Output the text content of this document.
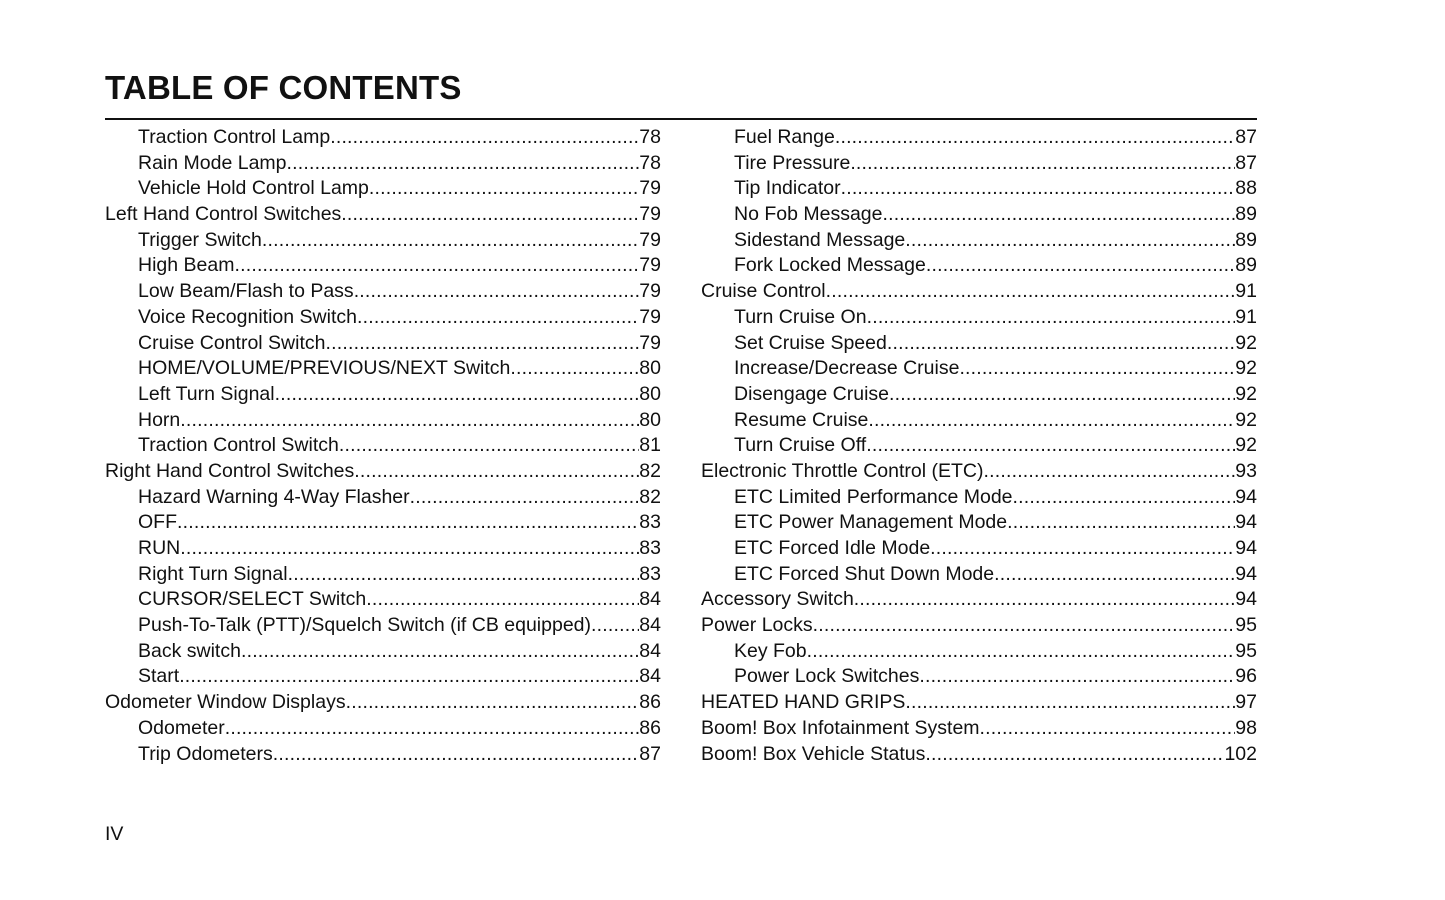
TABLE OF CONTENTS
Traction Control Lamp .....	78
Rain Mode Lamp .....	78
Vehicle Hold Control Lamp .....	79
Left Hand Control Switches .....	79
Trigger Switch .....	79
High Beam .....	79
Low Beam/Flash to Pass .....	79
Voice Recognition Switch .....	79
Cruise Control Switch .....	79
HOME/VOLUME/PREVIOUS/NEXT Switch .....	80
Left Turn Signal .....	80
Horn .....	80
Traction Control Switch .....	81
Right Hand Control Switches .....	82
Hazard Warning 4-Way Flasher .....	82
OFF .....	83
RUN .....	83
Right Turn Signal .....	83
CURSOR/SELECT Switch .....	84
Push-To-Talk (PTT)/Squelch Switch (if CB equipped) ..... 84
Back switch .....	84
Start .....	84
Odometer Window Displays .....	86
Odometer .....	86
Trip Odometers .....	87
Fuel Range .....	87
Tire Pressure .....	87
Tip Indicator .....	88
No Fob Message .....	89
Sidestand Message .....	89
Fork Locked Message .....	89
Cruise Control .....	91
Turn Cruise On .....	91
Set Cruise Speed .....	92
Increase/Decrease Cruise .....	92
Disengage Cruise .....	92
Resume Cruise .....	92
Turn Cruise Off .....	92
Electronic Throttle Control (ETC) .....	93
ETC Limited Performance Mode .....	94
ETC Power Management Mode .....	94
ETC Forced Idle Mode .....	94
ETC Forced Shut Down Mode .....	94
Accessory Switch .....	94
Power Locks .....	95
Key Fob .....	95
Power Lock Switches .....	96
HEATED HAND GRIPS .....	97
Boom! Box Infotainment System .....	98
Boom! Box Vehicle Status .....	102
IV
